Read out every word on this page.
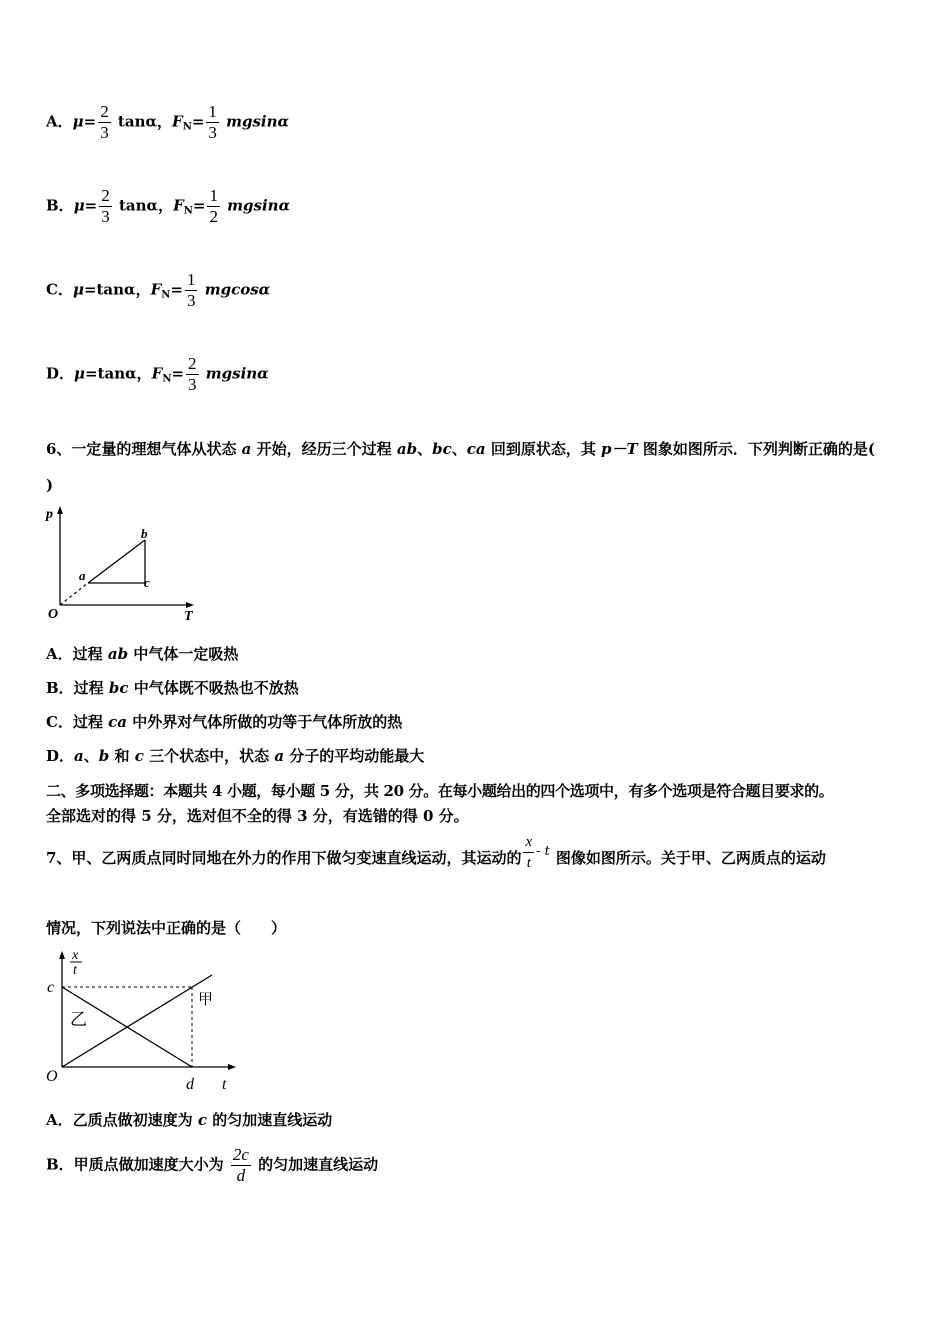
A．$\mu= \frac{2}{3}$ tanα，$F_N= \frac{1}{3}$ mgsinα
B．$\mu= \frac{2}{3}$ tanα，$F_N= \frac{1}{2}$ mgsinα
C．μ=tanα，$F_N= \frac{1}{3}$ mgcosα
D．μ=tanα，$F_N= \frac{2}{3}$ mgsinα
6、一定量的理想气体从状态 a 开始，经历三个过程 ab、bc、ca 回到原状态，其 p－T 图象如图所示．下列判断正确的是(
)
p
T
O
a
b
c
A．过程 ab 中气体一定吸热
B．过程 bc 中气体既不吸热也不放热
C．过程 ca 中外界对气体所做的功等于气体所放的热
D．a、b 和 c 三个状态中，状态 a 分子的平均动能最大
二、多项选择题：本题共 4 小题，每小题 5 分，共 20 分。在每小题给出的四个选项中，有多个选项是符合题目要求的。
全部选对的得 5 分，选对但不全的得 3 分，有选错的得 0 分。
7、甲、乙两质点同时同地在外力的作用下做匀变速直线运动，其运动的 $\frac{x}{t}$ - t 图像如图所示。关于甲、乙两质点的运动
情况，下列说法中正确的是（　　）
x
t
c
O	d t
甲
乙
A．乙质点做初速度为 c 的匀加速直线运动
B．甲质点做加速度大小为 $\frac{2c}{d}$ 的匀加速直线运动
